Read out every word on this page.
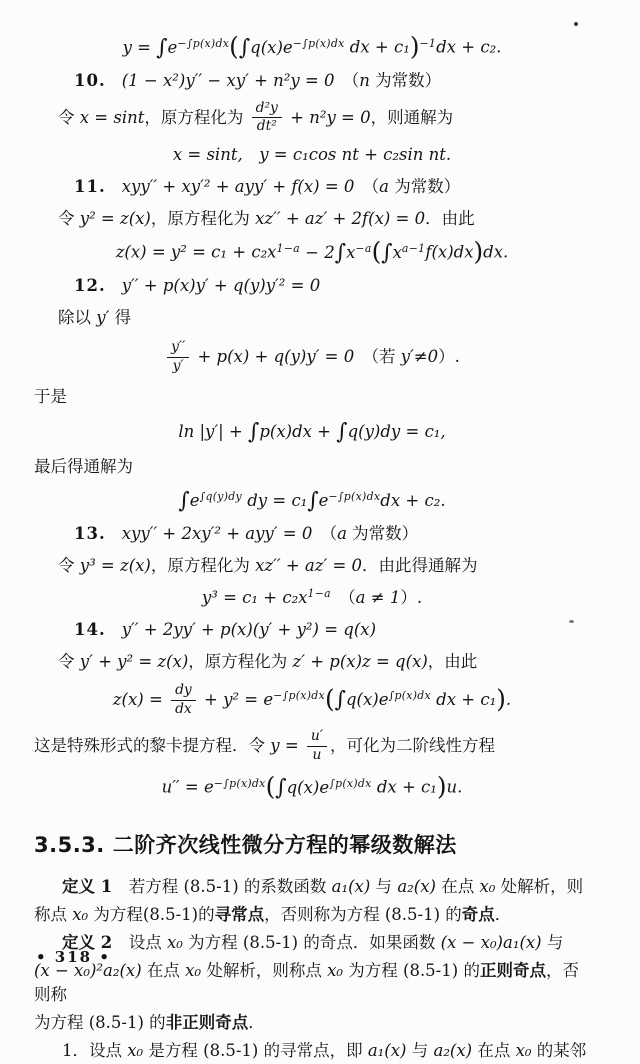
$y = \int e^{-\int p(x)dx}(\int q(x)e^{-\int p(x)dx}$ dx + c₁)$^{-1}$dx + c₂.
10. (1 − x²)y′′ − xy′ + n²y = 0　（n 为常数）
令 x = sint，原方程化为 $\frac{\text{d²y}}{\text{dt²}} + n^2y = 0$，则通解为
x = sint,　y = c₁cos nt + c₂sin nt.
11. xyy′′ + xy′² + ayy′ + f(x) = 0　（a 为常数）
令 y² = z(x)，原方程化为 xz′′ + az′ + 2f(x) = 0．由此
$z(x) = y^2 = c_1 + c_2x^{1-a} - 2\int x^{-a}(\int x^{a-1}f(x)dx)dx$.
12. y′′ + p(x)y′ + q(y)y′² = 0
除以 y′ 得
$\frac{y''}{y'} + p(x) + q(y)y' = 0$　（若 y′≠0）.
于是
ln |y′| + ∫p(x)dx + ∫q(y)dy = c₁,
最后得通解为
$\int e^{\int q(y)dy}$ dy = $c_1\int e^{-\int p(x)dx}dx + c_2$.
13. xyy′′ + 2xy′² + ayy′ = 0　（a 为常数）
令 y³ = z(x)，原方程化为 xz′′ + az′ = 0．由此得通解为
$y^3 = c_1 + c_2x^{1-a}$　（a ≠ 1）.
14. y′′ + 2yy′ + p(x)(y′ + y²) = q(x)
令 y′ + y² = z(x)，原方程化为 z′ + p(x)z = q(x)，由此
$z(x) = \frac{dy}{dx} + y^2 = e^{-\int p(x)dx}(\int q(x)e^{\int p(x)dx}$ dx + c₁).
这是特殊形式的黎卡提方程．令 $y = \frac{u'}{u}$ ，可化为二阶线性方程
$u'' = e^{-\int p(x)dx}(\int q(x)e^{\int p(x)dx}$ dx + c₁)u.
3.5.3. 二阶齐次线性微分方程的幂级数解法
定义 1　若方程 (8.5-1) 的系数函数 a₁(x) 与 a₂(x) 在点 x₀ 处解析，则
称点 x₀ 为方程(8.5-1)的寻常点，否则称为方程 (8.5-1) 的奇点．
定义 2　设点 x₀ 为方程 (8.5-1) 的奇点．如果函数 (x − x₀)a₁(x) 与
(x − x₀)²a₂(x) 在点 x₀ 处解析，则称点 x₀ 为方程 (8.5-1) 的正则奇点，否则称
为方程 (8.5-1) 的非正则奇点．
1．设点 x₀ 是方程 (8.5-1) 的寻常点，即 a₁(x) 与 a₂(x) 在点 x₀ 的某邻
• 318 •
